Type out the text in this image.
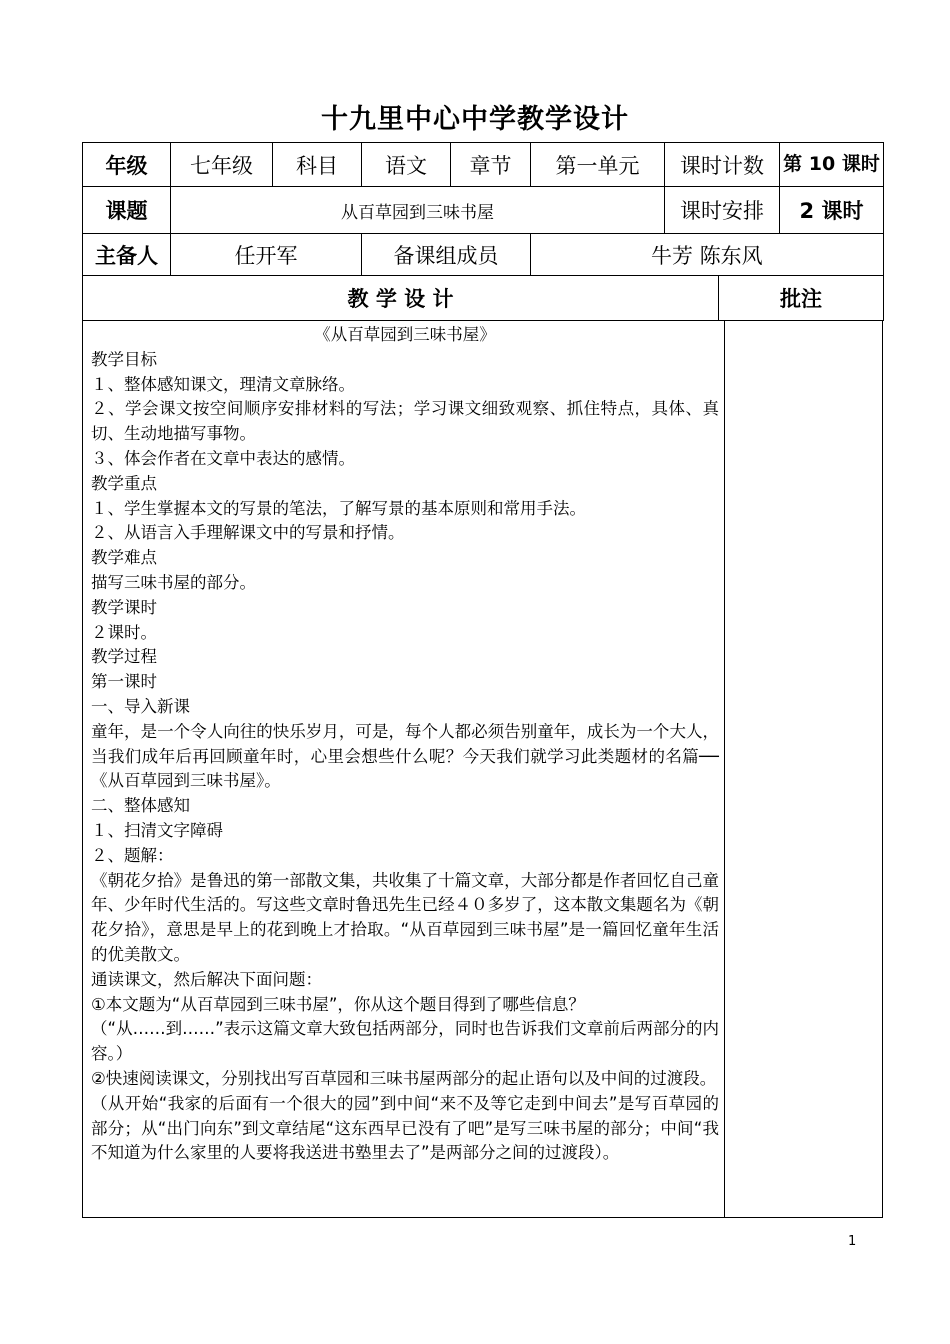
十九里中心中学教学设计
年级	七年级	科目	语文	章节	第一单元	课时计数		第 10 课时
课题	从百草园到三味书屋					课时安排		2 课时
主备人	任开军		备课组成员		牛芳 陈东风			
教 学 设 计							批注	

《从百草园到三味书屋》

教学目标

１、整体感知课文，理清文章脉络。

２、学会课文按空间顺序安排材料的写法；学习课文细致观察、抓住特点，具体、真切、生动地描写事物。

３、体会作者在文章中表达的感情。

教学重点

１、学生掌握本文的写景的笔法，了解写景的基本原则和常用手法。

２、从语言入手理解课文中的写景和抒情。

教学难点

描写三味书屋的部分。

教学课时

２课时。

教学过程

第一课时

一、导入新课

童年，是一个令人向往的快乐岁月，可是，每个人都必须告别童年，成长为一个大人，当我们成年后再回顾童年时，心里会想些什么呢？今天我们就学习此类题材的名篇──《从百草园到三味书屋》。

二、整体感知

１、扫清文字障碍

２、题解：

《朝花夕拾》是鲁迅的第一部散文集，共收集了十篇文章，大部分都是作者回忆自己童年、少年时代生活的。写这些文章时鲁迅先生已经４０多岁了，这本散文集题名为《朝花夕拾》，意思是早上的花到晚上才拾取。“从百草园到三味书屋”是一篇回忆童年生活的优美散文。

通读课文，然后解决下面问题：

①本文题为“从百草园到三味书屋”，你从这个题目得到了哪些信息？

（“从……到……”表示这篇文章大致包括两部分，同时也告诉我们文章前后两部分的内容。）

②快速阅读课文，分别找出写百草园和三味书屋两部分的起止语句以及中间的过渡段。

（从开始“我家的后面有一个很大的园”到中间“来不及等它走到中间去”是写百草园的部分；从“出门向东”到文章结尾“这东西早已没有了吧”是写三味书屋的部分；中间“我不知道为什么家里的人要将我送进书塾里去了”是两部分之间的过渡段）。

1
